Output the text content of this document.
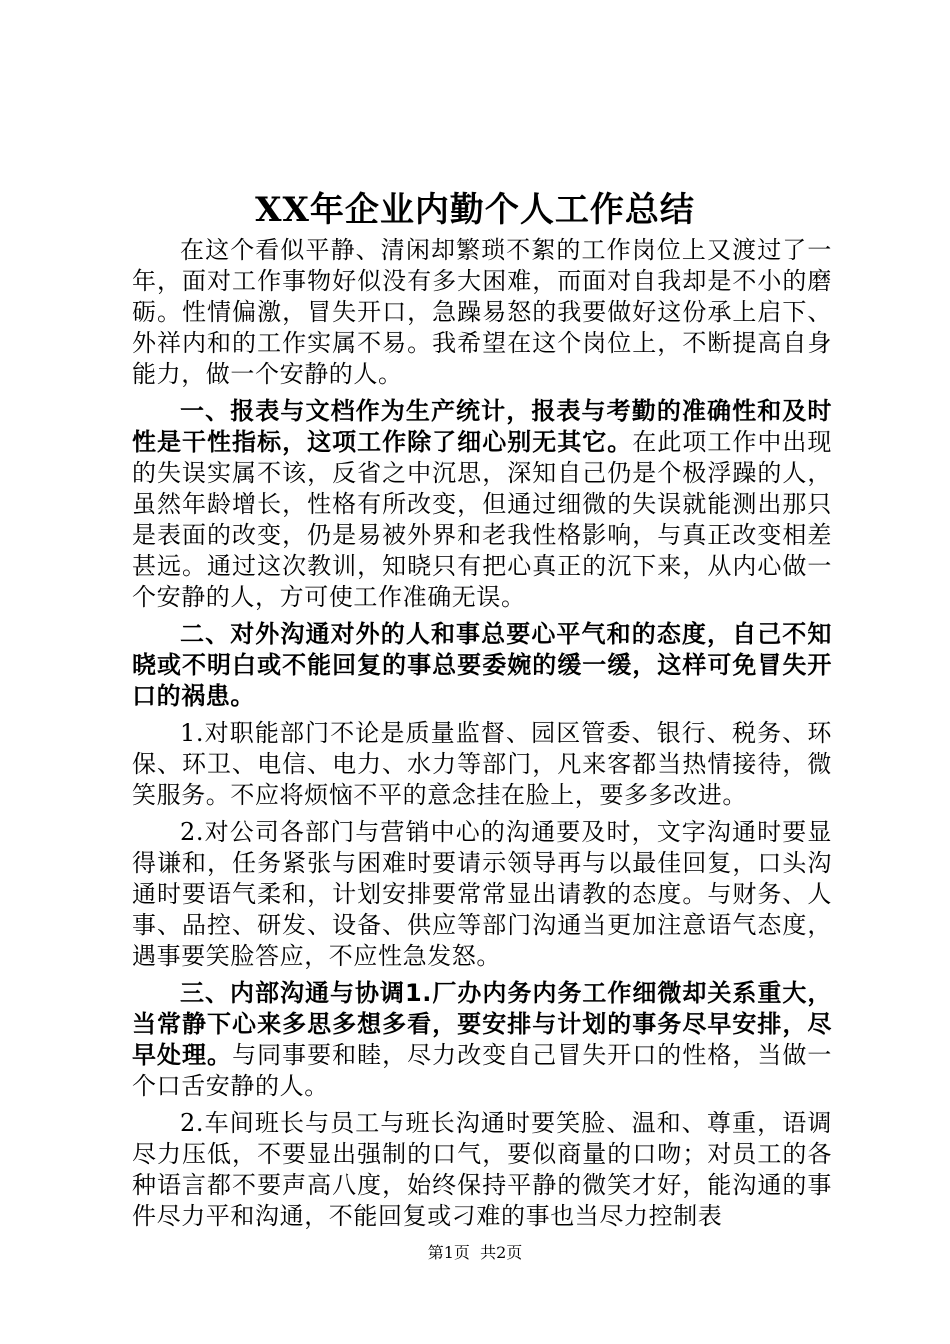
XX年企业内勤个人工作总结

在这个看似平静、清闲却繁琐不絮的工作岗位上又渡过了一年，面对工作事物好似没有多大困难，而面对自我却是不小的磨砺。性情偏激，冒失开口，急躁易怒的我要做好这份承上启下、外祥内和的工作实属不易。我希望在这个岗位上，不断提高自身能力，做一个安静的人。

一、报表与文档作为生产统计，报表与考勤的准确性和及时性是干性指标，这项工作除了细心别无其它。在此项工作中出现的失误实属不该，反省之中沉思，深知自己仍是个极浮躁的人，虽然年龄增长，性格有所改变，但通过细微的失误就能测出那只是表面的改变，仍是易被外界和老我性格影响，与真正改变相差甚远。通过这次教训，知晓只有把心真正的沉下来，从内心做一个安静的人，方可使工作准确无误。

二、对外沟通对外的人和事总要心平气和的态度，自己不知晓或不明白或不能回复的事总要委婉的缓一缓，这样可免冒失开口的祸患。

1.对职能部门不论是质量监督、园区管委、银行、税务、环保、环卫、电信、电力、水力等部门，凡来客都当热情接待，微笑服务。不应将烦恼不平的意念挂在脸上，要多多改进。

2.对公司各部门与营销中心的沟通要及时，文字沟通时要显得谦和，任务紧张与困难时要请示领导再与以最佳回复，口头沟通时要语气柔和，计划安排要常常显出请教的态度。与财务、人事、品控、研发、设备、供应等部门沟通当更加注意语气态度，遇事要笑脸答应，不应性急发怒。

三、内部沟通与协调1.厂办内务内务工作细微却关系重大，当常静下心来多思多想多看，要安排与计划的事务尽早安排，尽早处理。与同事要和睦，尽力改变自己冒失开口的性格，当做一个口舌安静的人。

2.车间班长与员工与班长沟通时要笑脸、温和、尊重，语调尽力压低，不要显出强制的口气，要似商量的口吻；对员工的各种语言都不要声高八度，始终保持平静的微笑才好，能沟通的事件尽力平和沟通，不能回复或刁难的事也当尽力控制表

第1页 共2页
